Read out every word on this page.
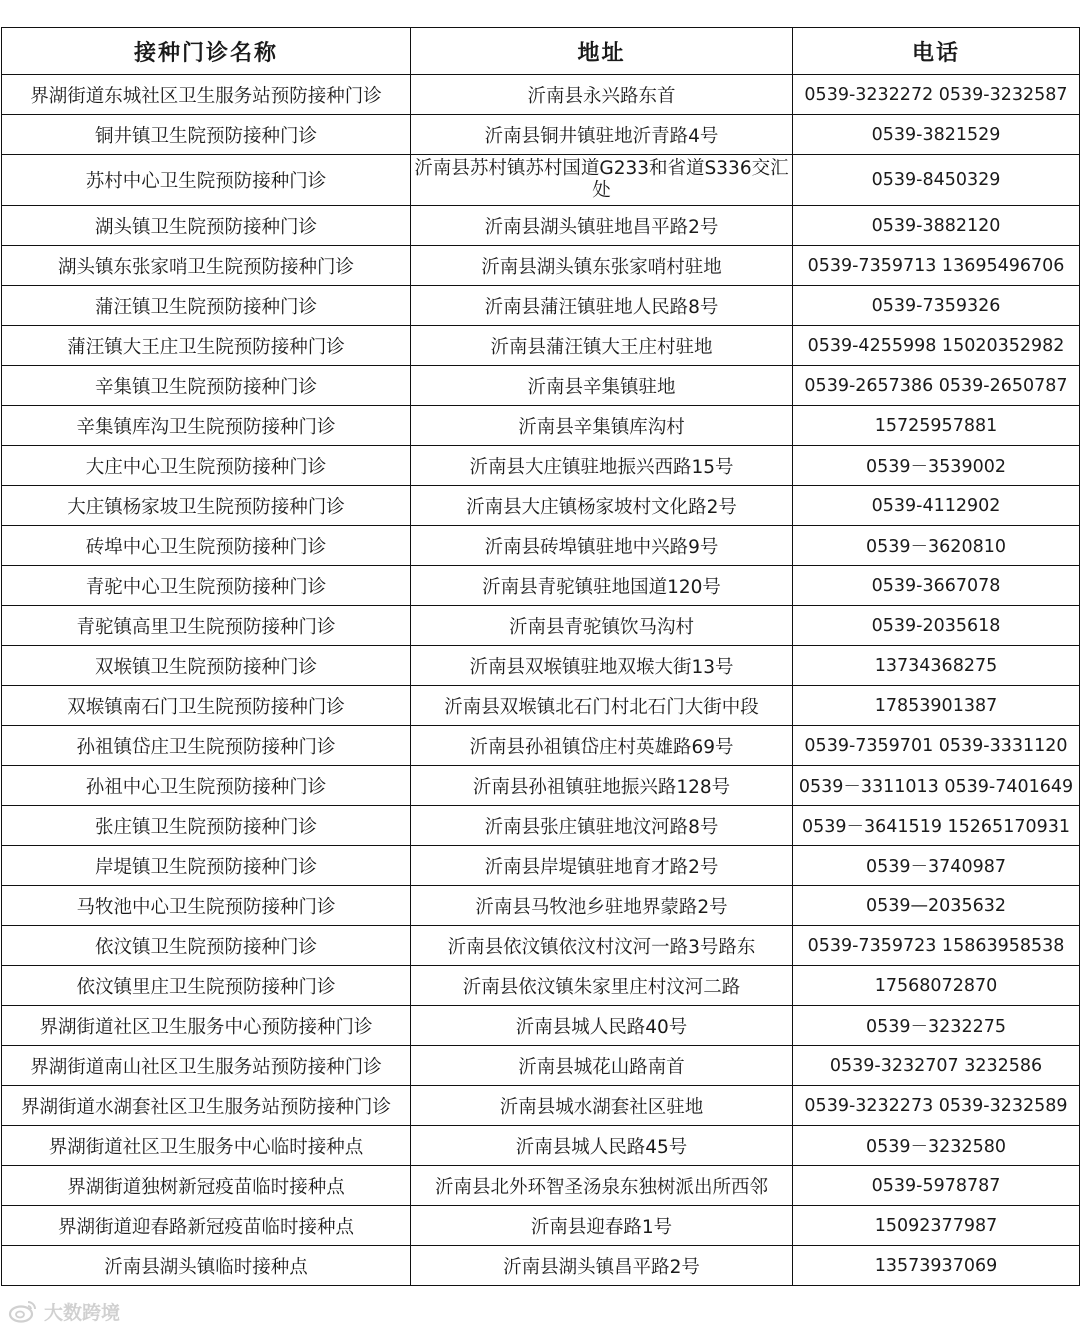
接种门诊名称	地址	电话
界湖街道东城社区卫生服务站预防接种门诊	沂南县永兴路东首	0539-3232272 0539-3232587
铜井镇卫生院预防接种门诊	沂南县铜井镇驻地沂青路4号	0539-3821529
苏村中心卫生院预防接种门诊	沂南县苏村镇苏村国道G233和省道S336交汇处	0539-8450329
湖头镇卫生院预防接种门诊	沂南县湖头镇驻地昌平路2号	0539-3882120
湖头镇东张家哨卫生院预防接种门诊	沂南县湖头镇东张家哨村驻地	0539-7359713 13695496706
蒲汪镇卫生院预防接种门诊	沂南县蒲汪镇驻地人民路8号	0539-7359326
蒲汪镇大王庄卫生院预防接种门诊	沂南县蒲汪镇大王庄村驻地	0539-4255998 15020352982
辛集镇卫生院预防接种门诊	沂南县辛集镇驻地	0539-2657386 0539-2650787
辛集镇库沟卫生院预防接种门诊	沂南县辛集镇库沟村	15725957881
大庄中心卫生院预防接种门诊	沂南县大庄镇驻地振兴西路15号	0539－3539002
大庄镇杨家坡卫生院预防接种门诊	沂南县大庄镇杨家坡村文化路2号	0539-4112902
砖埠中心卫生院预防接种门诊	沂南县砖埠镇驻地中兴路9号	0539－3620810
青驼中心卫生院预防接种门诊	沂南县青驼镇驻地国道120号	0539-3667078
青驼镇高里卫生院预防接种门诊	沂南县青驼镇饮马沟村	0539-2035618
双堠镇卫生院预防接种门诊	沂南县双堠镇驻地双堠大街13号	13734368275
双堠镇南石门卫生院预防接种门诊	沂南县双堠镇北石门村北石门大街中段	17853901387
孙祖镇岱庄卫生院预防接种门诊	沂南县孙祖镇岱庄村英雄路69号	0539-7359701 0539-3331120
孙祖中心卫生院预防接种门诊	沂南县孙祖镇驻地振兴路128号	0539－3311013 0539-7401649
张庄镇卫生院预防接种门诊	沂南县张庄镇驻地汶河路8号	0539－3641519 15265170931
岸堤镇卫生院预防接种门诊	沂南县岸堤镇驻地育才路2号	0539－3740987
马牧池中心卫生院预防接种门诊	沂南县马牧池乡驻地界蒙路2号	0539—2035632
依汶镇卫生院预防接种门诊	沂南县依汶镇依汶村汶河一路3号路东	0539-7359723 15863958538
依汶镇里庄卫生院预防接种门诊	沂南县依汶镇朱家里庄村汶河二路	17568072870
界湖街道社区卫生服务中心预防接种门诊	沂南县城人民路40号	0539－3232275
界湖街道南山社区卫生服务站预防接种门诊	沂南县城花山路南首	0539-3232707 3232586
界湖街道水湖套社区卫生服务站预防接种门诊	沂南县城水湖套社区驻地	0539-3232273 0539-3232589
界湖街道社区卫生服务中心临时接种点	沂南县城人民路45号	0539－3232580
界湖街道独树新冠疫苗临时接种点	沂南县北外环智圣汤泉东独树派出所西邻	0539-5978787
界湖街道迎春路新冠疫苗临时接种点	沂南县迎春路1号	15092377987
沂南县湖头镇临时接种点	沂南县湖头镇昌平路2号	13573937069
大数跨境
